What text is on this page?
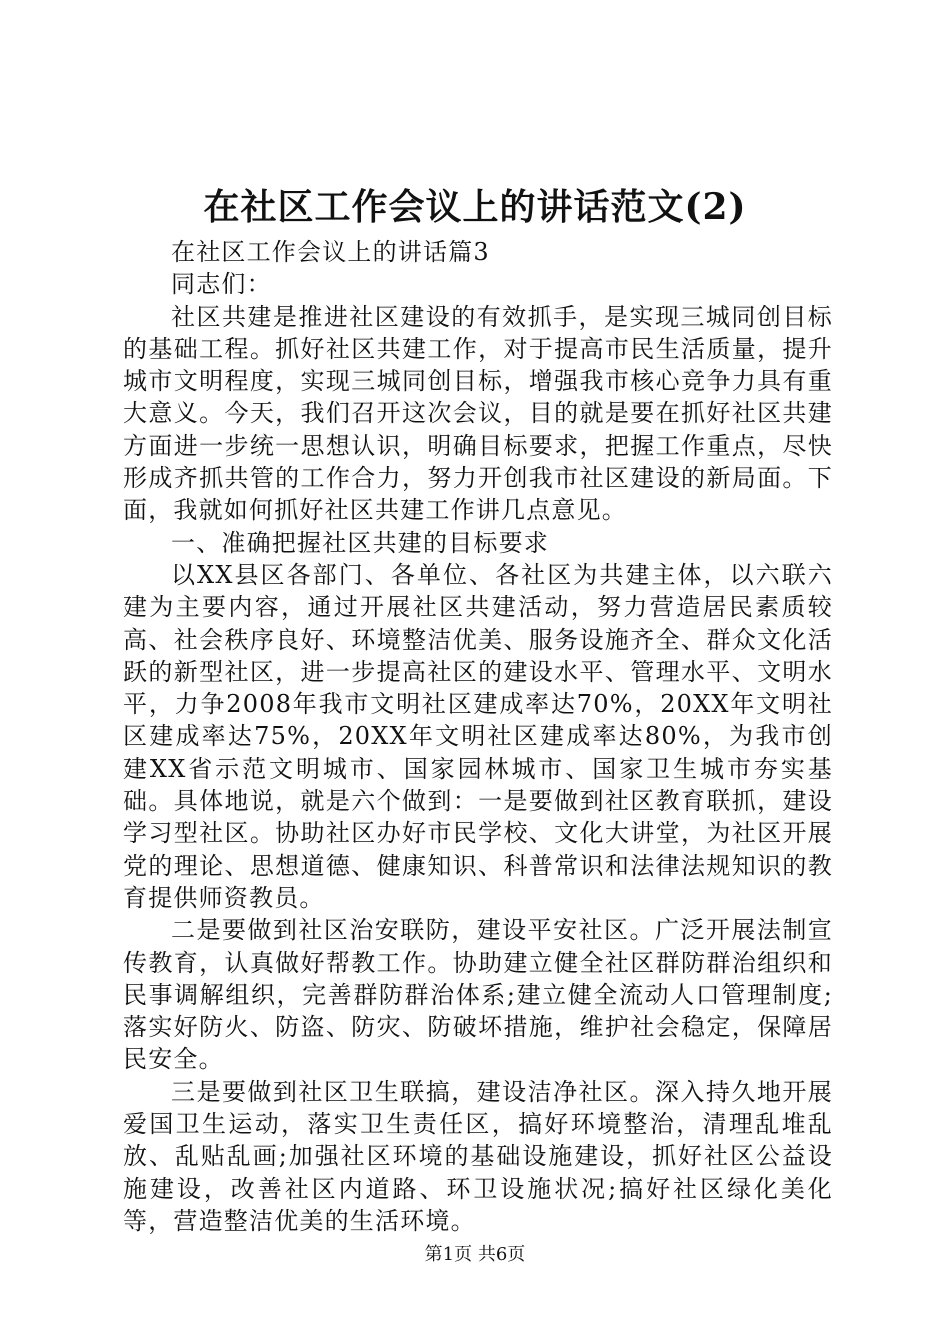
在社区工作会议上的讲话范文(2)

在社区工作会议上的讲话篇3

同志们：

社区共建是推进社区建设的有效抓手，是实现三城同创目标的基础工程。抓好社区共建工作，对于提高市民生活质量，提升城市文明程度，实现三城同创目标，增强我市核心竞争力具有重大意义。今天，我们召开这次会议，目的就是要在抓好社区共建方面进一步统一思想认识，明确目标要求，把握工作重点，尽快形成齐抓共管的工作合力，努力开创我市社区建设的新局面。下面，我就如何抓好社区共建工作讲几点意见。

一、准确把握社区共建的目标要求

以XX县区各部门、各单位、各社区为共建主体，以六联六建为主要内容，通过开展社区共建活动，努力营造居民素质较高、社会秩序良好、环境整洁优美、服务设施齐全、群众文化活跃的新型社区，进一步提高社区的建设水平、管理水平、文明水平，力争2008年我市文明社区建成率达70%，20XX年文明社区建成率达75%，20XX年文明社区建成率达80%，为我市创建XX省示范文明城市、国家园林城市、国家卫生城市夯实基础。具体地说，就是六个做到：一是要做到社区教育联抓，建设学习型社区。协助社区办好市民学校、文化大讲堂，为社区开展党的理论、思想道德、健康知识、科普常识和法律法规知识的教育提供师资教员。

二是要做到社区治安联防，建设平安社区。广泛开展法制宣传教育，认真做好帮教工作。协助建立健全社区群防群治组织和民事调解组织，完善群防群治体系;建立健全流动人口管理制度;落实好防火、防盗、防灾、防破坏措施，维护社会稳定，保障居民安全。

三是要做到社区卫生联搞，建设洁净社区。深入持久地开展爱国卫生运动，落实卫生责任区，搞好环境整治，清理乱堆乱放、乱贴乱画;加强社区环境的基础设施建设，抓好社区公益设施建设，改善社区内道路、环卫设施状况;搞好社区绿化美化等，营造整洁优美的生活环境。

第1页 共6页
